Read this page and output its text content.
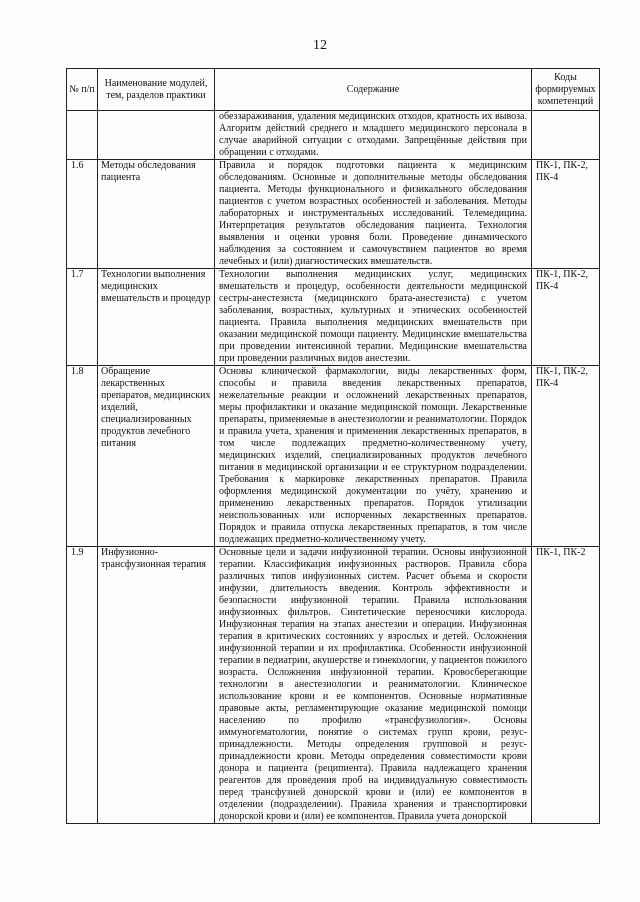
12
№ п/п	Наименование модулей, тем, разделов практики	Содержание	Коды формируемых компетенций
		обеззараживания, удаления медицинских отходов, кратность их вывоза. Алгоритм действий среднего и младшего медицинского персонала в случае аварийной ситуации с отходами. Запрещённые действия при обращении с отходами.	
1.6	Методы обследования пациента	Правила и порядок подготовки пациента к медицинским обследованиям. Основные и дополнительные методы обследования пациента. Методы функционального и физикального обследования пациентов с учетом возрастных особенностей и заболевания. Методы лабораторных и инструментальных исследований. Телемедицина. Интерпретация результатов обследования пациента. Технология выявления и оценки уровня боли. Проведение динамического наблюдения за состоянием и самочувствием пациентов во время лечебных и (или) диагностических вмешательств.	ПК-1, ПК-2, ПК-4
1.7	Технологии выполнения медицинских вмешательств и процедур	Технологии выполнения медицинских услуг, медицинских вмешательств и процедур, особенности деятельности медицинской сестры-анестезиста (медицинского брата-анестезиста) с учетом заболевания, возрастных, культурных и этнических особенностей пациента. Правила выполнения медицинских вмешательств при оказании медицинской помощи пациенту. Медицинские вмешательства при проведении интенсивной терапии. Медицинские вмешательства при проведении различных видов анестезии.	ПК-1, ПК-2, ПК-4
1.8	Обращение лекарственных препаратов, медицинских изделий, специализированных продуктов лечебного питания	Основы клинической фармакологии, виды лекарственных форм, способы и правила введения лекарственных препаратов, нежелательные реакции и осложнений лекарственных препаратов, меры профилактики и оказание медицинской помощи. Лекарственные препараты, применяемые в анестезиологии и реаниматологии. Порядок и правила учета, хранения и применения лекарственных препаратов, в том числе подлежащих предметно-количественному учету, медицинских изделий, специализированных продуктов лечебного питания в медицинской организации и ее структурном подразделении. Требования к маркировке лекарственных препаратов. Правила оформления медицинской документации по учёту, хранению и применению лекарственных препаратов. Порядок утилизации неиспользованных или испорченных лекарственных препаратов. Порядок и правила отпуска лекарственных препаратов, в том числе подлежащих предметно-количественному учету.	ПК-1, ПК-2, ПК-4
1.9	Инфузионно-трансфузионная терапия	Основные цели и задачи инфузионной терапии. Основы инфузионной терапии. Классификация инфузионных растворов. Правила сбора различных типов инфузионных систем. Расчет объема и скорости инфузии, длительность введения. Контроль эффективности и безопасности инфузионной терапии. Правила использования инфузионных фильтров. Синтетические переносчики кислорода. Инфузионная терапия на этапах анестезии и операции. Инфузионная терапия в критических состояниях у взрослых и детей. Осложнения инфузионной терапии и их профилактика. Особенности инфузионной терапии в педиатрии, акушерстве и гинекологии, у пациентов пожилого возраста. Осложнения инфузионной терапии. Кровосберегающие технологии в анестезиологии и реаниматологии. Клиническое использование крови и ее компонентов. Основные нормативные правовые акты, регламентирующие оказание медицинской помощи населению по профилю «трансфузиология». Основы иммуногематологии, понятие о системах групп крови, резус-принадлежности. Методы определения групповой и резус-принадлежности крови. Методы определения совместимости крови донора и пациента (реципиента). Правила надлежащего хранения реагентов для проведения проб на индивидуальную совместимость перед трансфузией донорской крови и (или) ее компонентов в отделении (подразделении). Правила хранения и транспортировки донорской крови и (или) ее компонентов. Правила учета донорской	ПК-1, ПК-2
